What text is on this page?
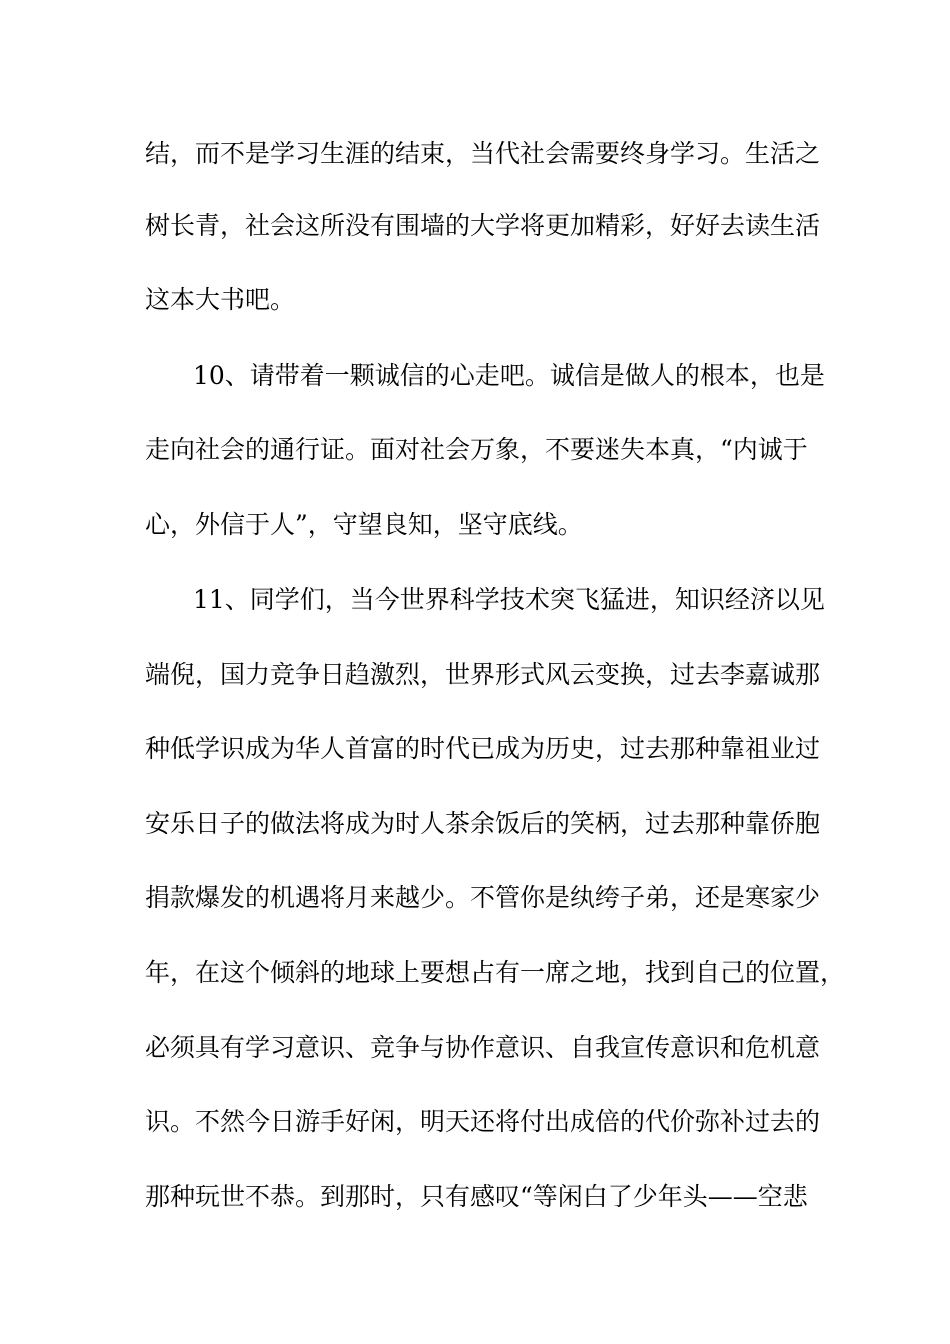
结，而不是学习生涯的结束，当代社会需要终身学习。生活之
树长青，社会这所没有围墙的大学将更加精彩，好好去读生活
这本大书吧。
10、请带着一颗诚信的心走吧。诚信是做人的根本，也是
走向社会的通行证。面对社会万象，不要迷失本真，“内诚于
心，外信于人”，守望良知，坚守底线。
11、同学们，当今世界科学技术突飞猛进，知识经济以见
端倪，国力竞争日趋激烈，世界形式风云变换，过去李嘉诚那
种低学识成为华人首富的时代已成为历史，过去那种靠祖业过
安乐日子的做法将成为时人茶余饭后的笑柄，过去那种靠侨胞
捐款爆发的机遇将月来越少。不管你是纨绔子弟，还是寒家少
年，在这个倾斜的地球上要想占有一席之地，找到自己的位置，
必须具有学习意识、竞争与协作意识、自我宣传意识和危机意
识。不然今日游手好闲，明天还将付出成倍的代价弥补过去的
那种玩世不恭。到那时，只有感叹“等闲白了少年头——空悲
